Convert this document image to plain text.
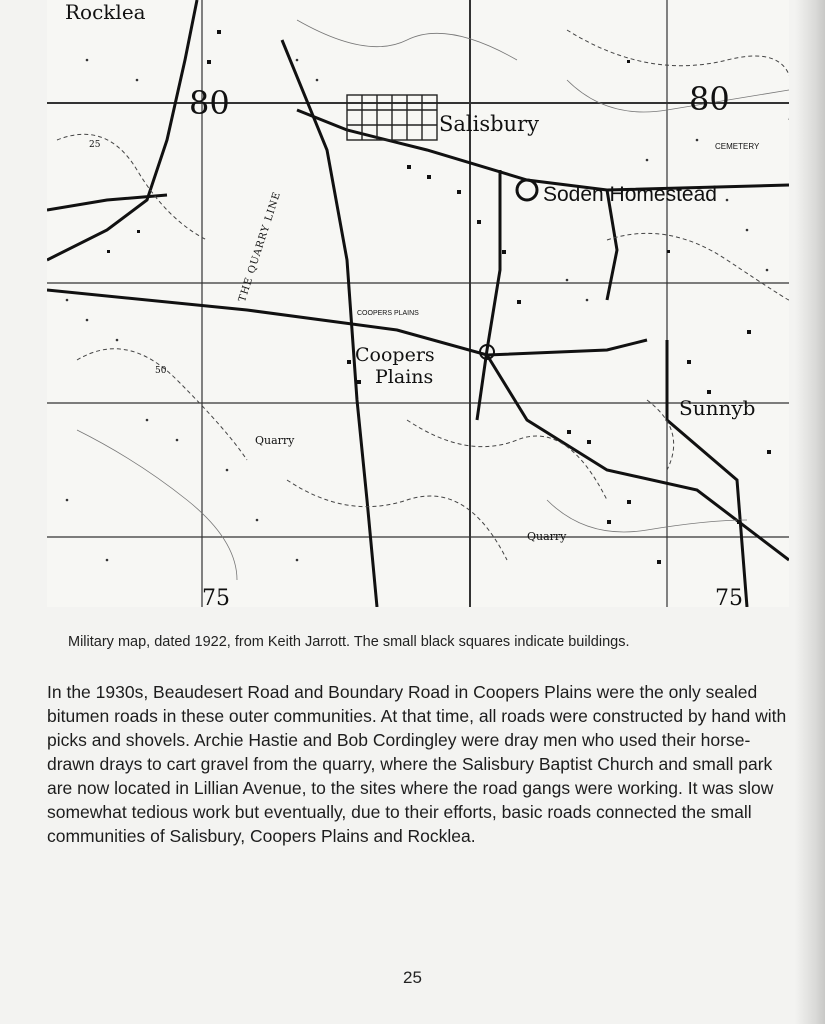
Rocklea
80	80
Salisbury
Soden Homestead
Coopers
Plains
Sunnyb
Quarry
Quarry
THE QUARRY LINE
CEMETERY
COOPERS PLAINS
75	75
25
50
Military map, dated 1922, from Keith Jarrott. The small black squares indicate buildings.

In the 1930s, Beaudesert Road and Boundary Road in Coopers Plains were the only sealed bitumen roads in these outer communities. At that time, all roads were constructed by hand with picks and shovels. Archie Hastie and Bob Cordingley were dray men who used their horse-drawn drays to cart gravel from the quarry, where the Salisbury Baptist Church and small park are now located in Lillian Avenue, to the sites where the road gangs were working. It was slow somewhat tedious work but eventually, due to their efforts, basic roads connected the small communities of Salisbury, Coopers Plains and Rocklea.

25
